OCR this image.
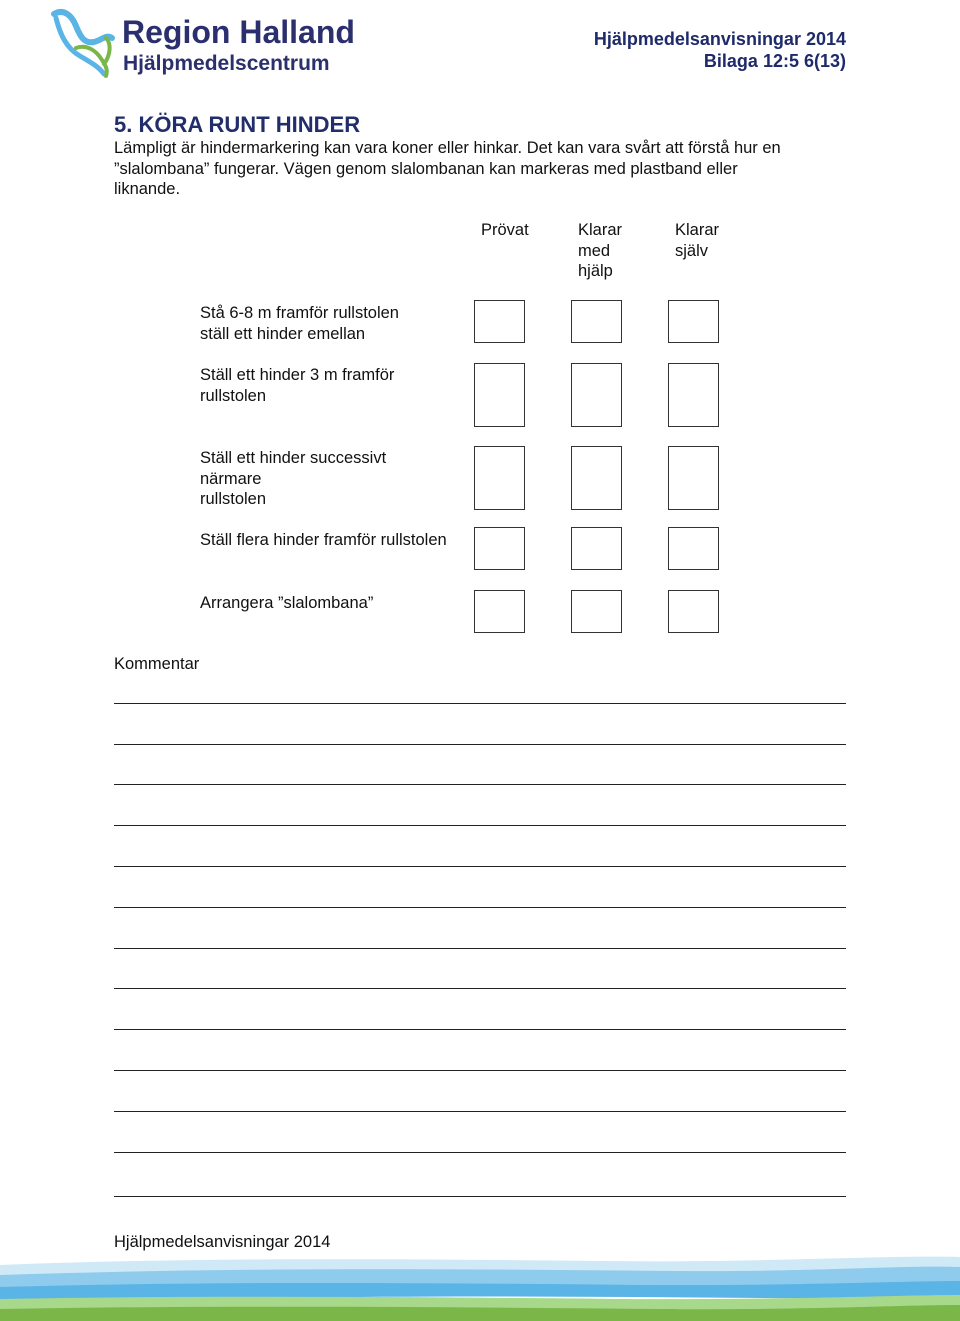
Region Halland
Hjälpmedelscentrum
Hjälpmedelsanvisningar 2014
Bilaga 12:5 6(13)
5. KÖRA RUNT HINDER
Lämpligt är hindermarkering kan vara koner eller hinkar. Det kan vara svårt att förstå hur en
”slalombana” fungerar. Vägen genom slalombanan kan markeras med plastband eller
liknande.
Prövat	Klarar
med
hjälp
Klarar
själv
Stå 6-8 m framför rullstolen
ställ ett hinder emellan
Ställ ett hinder 3 m framför
rullstolen
Ställ ett hinder successivt
närmare
rullstolen
Ställ flera hinder framför rullstolen
Arrangera ”slalombana”
Kommentar
Hjälpmedelsanvisningar 2014
